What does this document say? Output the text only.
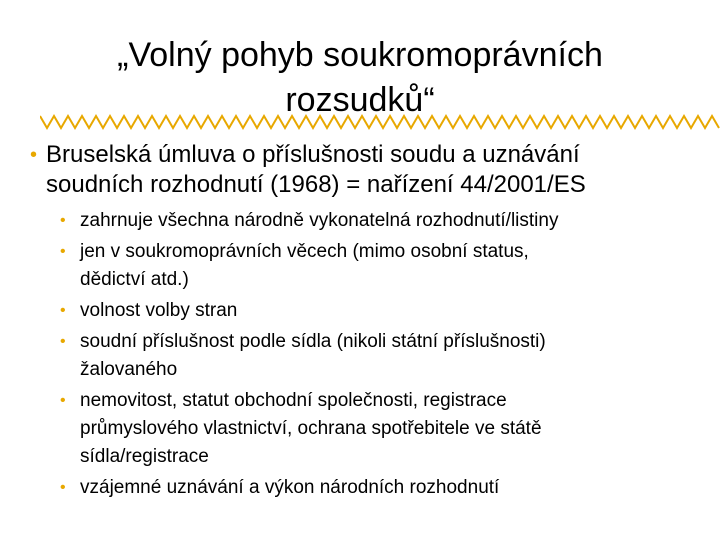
„Volný pohyb soukromoprávních
rozsudků“
• Bruselská úmluva o příslušnosti soudu a uznávání
soudních rozhodnutí (1968) = nařízení 44/2001/ES
• zahrnuje všechna národně vykonatelná rozhodnutí/listiny
• jen v soukromoprávních věcech (mimo osobní status,
dědictví atd.)
• volnost volby stran
• soudní příslušnost podle sídla (nikoli státní příslušnosti)
žalovaného
• nemovitost, statut obchodní společnosti, registrace
průmyslového vlastnictví, ochrana spotřebitele ve státě
sídla/registrace
• vzájemné uznávání a výkon národních rozhodnutí
